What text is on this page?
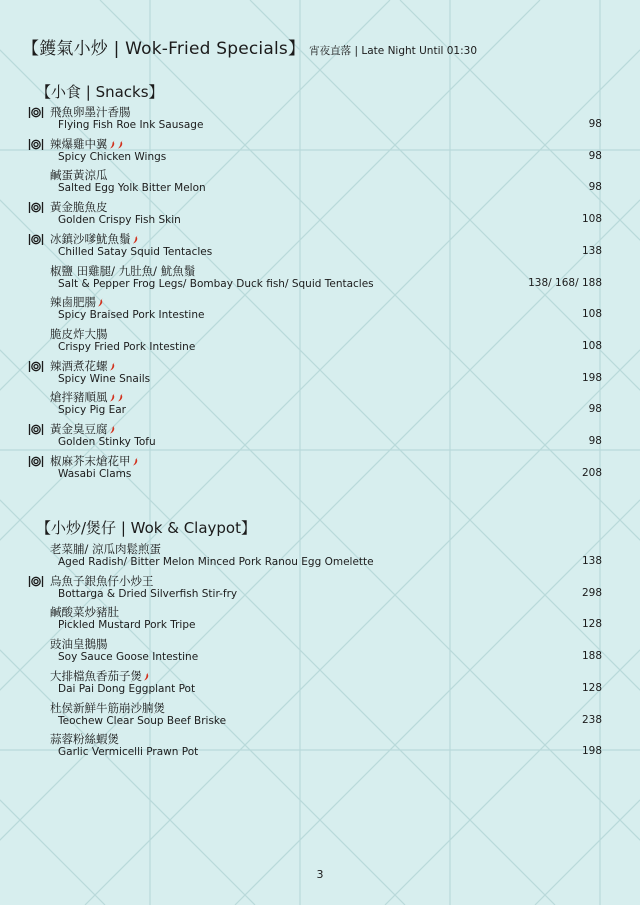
【鑊氣小炒 | Wok-Fried Specials】 宵夜直落 | Late Night Until 01:30
【小食 | Snacks】
飛魚卵墨汁香腸
Flying Fish Roe Ink Sausage	98
辣爆雞中翼
Spicy Chicken Wings	98
鹹蛋黃涼瓜
Salted Egg Yolk Bitter Melon	98
黃金脆魚皮
Golden Crispy Fish Skin	108
冰鎮沙嗲魷魚鬚
Chilled Satay Squid Tentacles	138
椒鹽 田雞腿/ 九肚魚/ 魷魚鬚
Salt & Pepper Frog Legs/ Bombay Duck fish/ Squid Tentacles	138/ 168/ 188
辣鹵肥腸
Spicy Braised Pork Intestine	108
脆皮炸大腸
Crispy Fried Pork Intestine	108
辣酒煮花螺
Spicy Wine Snails	198
熗拌豬順風
Spicy Pig Ear	98
黃金臭豆腐
Golden Stinky Tofu	98
椒麻芥末熗花甲
Wasabi Clams	208
【小炒/煲仔 | Wok & Claypot】
老菜脯/ 涼瓜肉鬆煎蛋
Aged Radish/ Bitter Melon Minced Pork Ranou Egg Omelette	138
烏魚子銀魚仔小炒王
Bottarga & Dried Silverfish Stir-fry	298
鹹酸菜炒豬肚
Pickled Mustard Pork Tripe	128
豉油皇鵝腸
Soy Sauce Goose Intestine	188
大排檔魚香茄子煲
Dai Pai Dong Eggplant Pot	128
杜侯新鮮牛筋崩沙腩煲
Teochew Clear Soup Beef Briske	238
蒜蓉粉絲蝦煲
Garlic Vermicelli Prawn Pot	198
3
